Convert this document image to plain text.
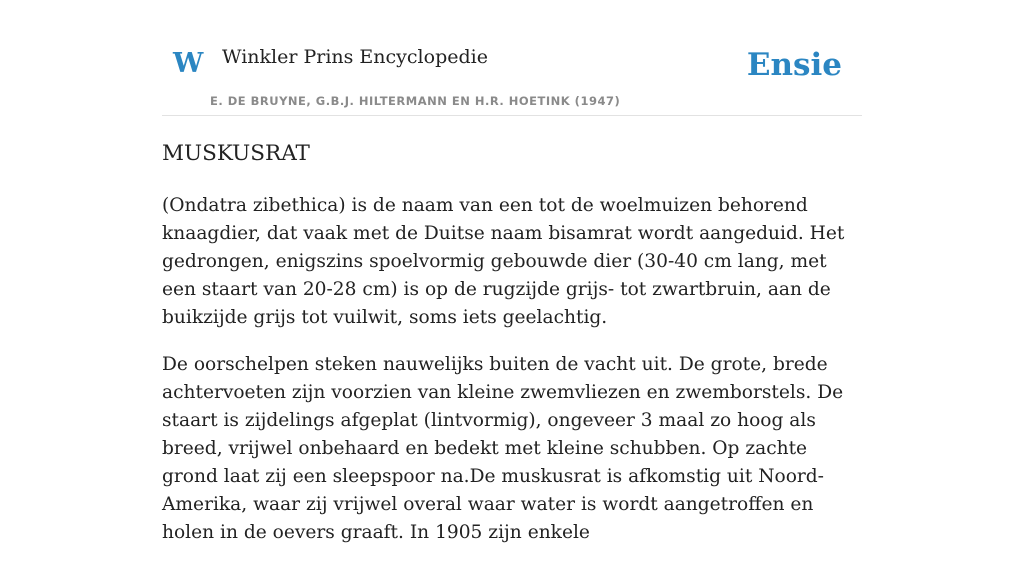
W Winkler Prins Encyclopedie
E. DE BRUYNE, G.B.J. HILTERMANN EN H.R. HOETINK (1947)
Ensie
MUSKUSRAT

(Ondatra zibethica) is de naam van een tot de woelmuizen behorend knaagdier, dat vaak met de Duitse naam bisamrat wordt aangeduid. Het gedrongen, enigszins spoelvormig gebouwde dier (30-40 cm lang, met een staart van 20-28 cm) is op de rugzijde grijs- tot zwartbruin, aan de buikzijde grijs tot vuilwit, soms iets geelachtig.

De oorschelpen steken nauwelijks buiten de vacht uit. De grote, brede achtervoeten zijn voorzien van kleine zwemvliezen en zwemborstels. De staart is zijdelings afgeplat (lintvormig), ongeveer 3 maal zo hoog als breed, vrijwel onbehaard en bedekt met kleine schubben. Op zachte grond laat zij een sleepspoor na.De muskusrat is afkomstig uit Noord-Amerika, waar zij vrijwel overal waar water is wordt aangetroffen en holen in de oevers graaft. In 1905 zijn enkele
